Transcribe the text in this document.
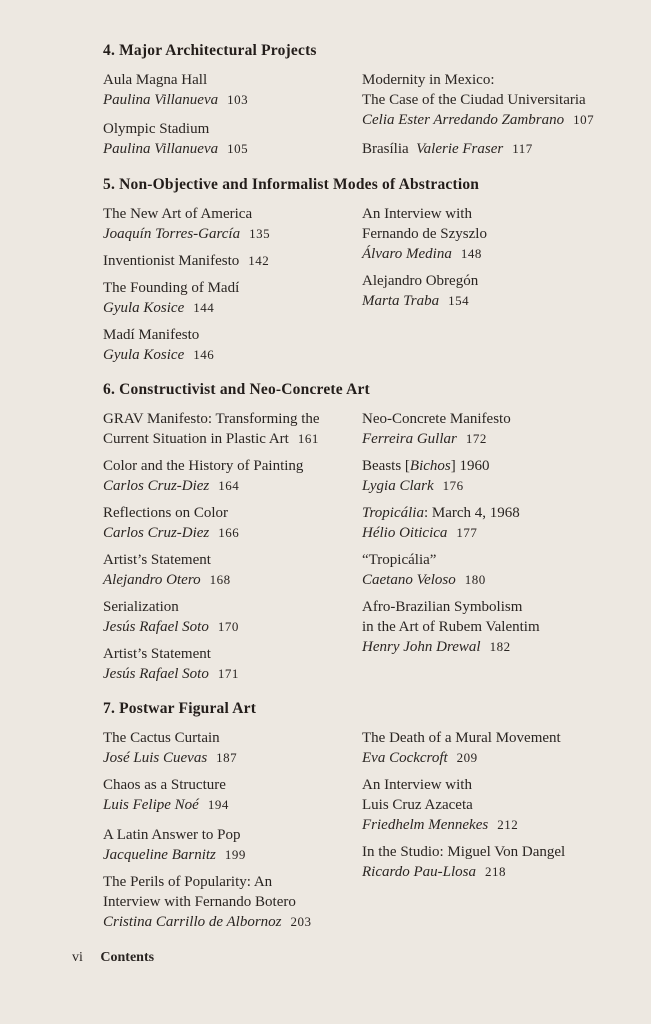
4. Major Architectural Projects
Aula Magna Hall
Paulina Villanueva 103
Olympic Stadium
Paulina Villanueva 105
Modernity in Mexico:
The Case of the Ciudad Universitaria
Celia Ester Arredando Zambrano 107
Brasília Valerie Fraser 117
5. Non-Objective and Informalist Modes of Abstraction
The New Art of America
Joaquín Torres-García 135
Inventionist Manifesto 142
The Founding of Madí
Gyula Kosice 144
Madí Manifesto
Gyula Kosice 146
An Interview with
Fernando de Szyszlo
Álvaro Medina 148
Alejandro Obregón
Marta Traba 154
6. Constructivist and Neo-Concrete Art
GRAV Manifesto: Transforming the
Current Situation in Plastic Art 161
Color and the History of Painting
Carlos Cruz-Diez 164
Reflections on Color
Carlos Cruz-Diez 166
Artist’s Statement
Alejandro Otero 168
Serialization
Jesús Rafael Soto 170
Artist’s Statement
Jesús Rafael Soto 171
Neo-Concrete Manifesto
Ferreira Gullar 172
Beasts [Bichos] 1960
Lygia Clark 176
Tropicália: March 4, 1968
Hélio Oiticica 177
“Tropicália”
Caetano Veloso 180
Afro-Brazilian Symbolism
in the Art of Rubem Valentim
Henry John Drewal 182
7. Postwar Figural Art
The Cactus Curtain
José Luis Cuevas 187
Chaos as a Structure
Luis Felipe Noé 194
A Latin Answer to Pop
Jacqueline Barnitz 199
The Perils of Popularity: An
Interview with Fernando Botero
Cristina Carrillo de Albornoz 203
The Death of a Mural Movement
Eva Cockcroft 209
An Interview with
Luis Cruz Azaceta
Friedhelm Mennekes 212
In the Studio: Miguel Von Dangel
Ricardo Pau-Llosa 218
vi Contents
